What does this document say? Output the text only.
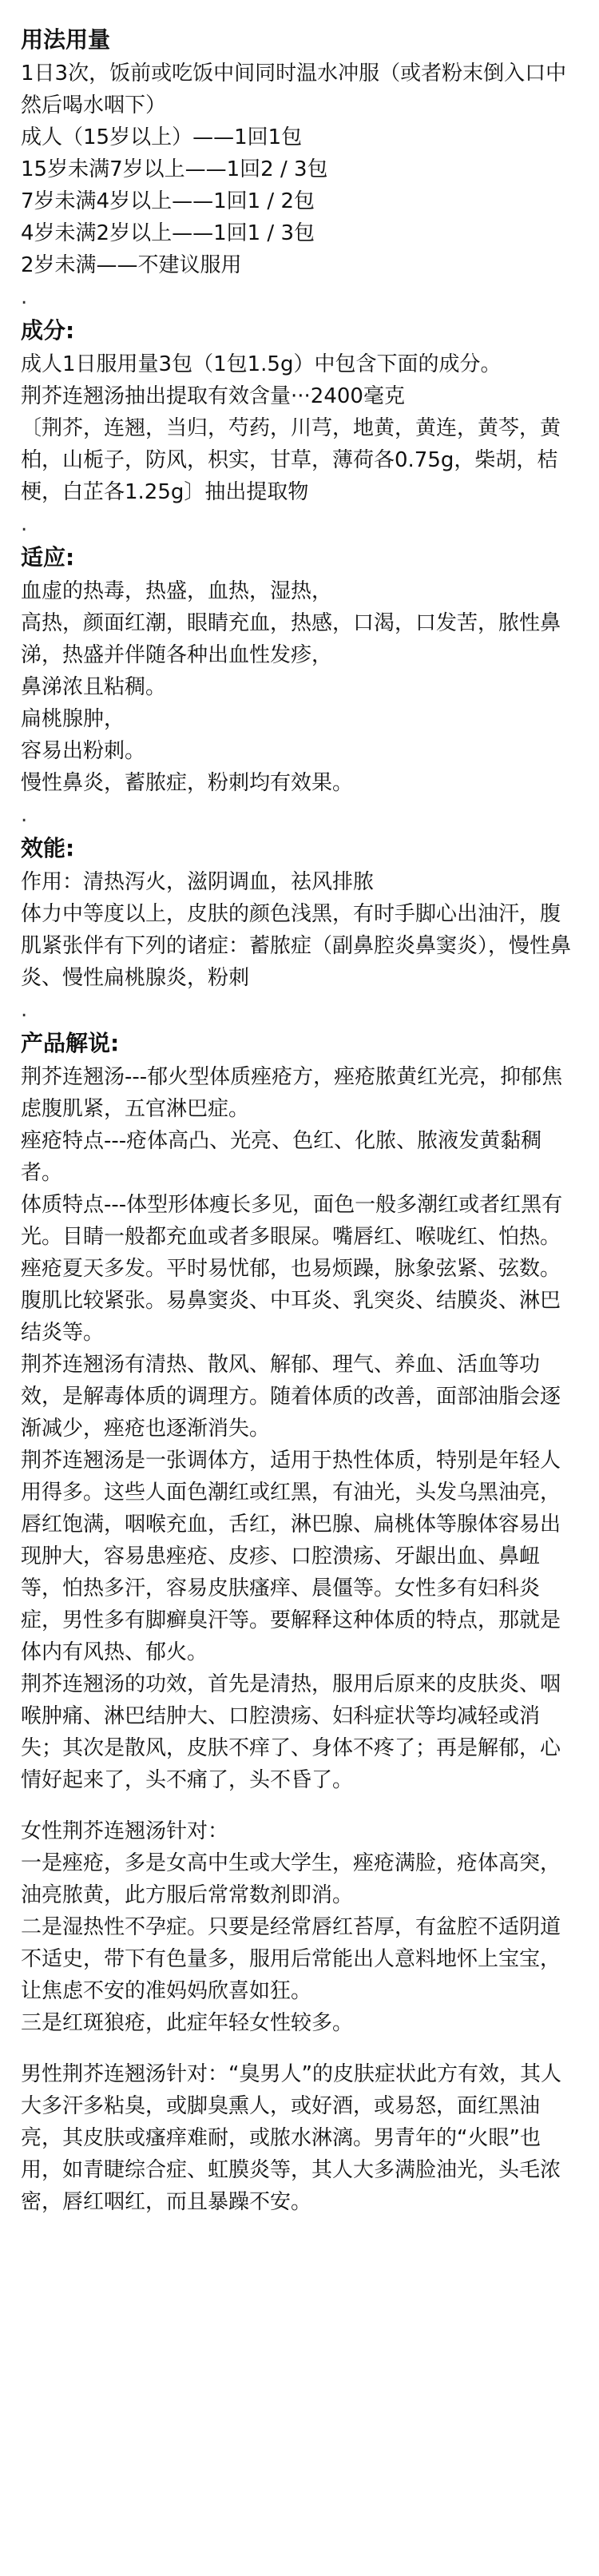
用法用量

1日3次，饭前或吃饭中间同时温水冲服（或者粉末倒入口中然后喝水咽下）

成人（15岁以上）——1回1包

15岁未满7岁以上——1回2 / 3包

7岁未满4岁以上——1回1 / 2包

4岁未满2岁以上——1回1 / 3包

2岁未满——不建议服用

.

成分:

成人1日服用量3包（1包1.5g）中包含下面的成分。

荆芥连翘汤抽出提取有效含量···2400毫克

〔荆芥，连翘，当归，芍药，川芎，地黄，黄连，黄芩，黄柏，山栀子，防风，枳实，甘草，薄荷各0.75g，柴胡，桔梗，白芷各1.25g〕抽出提取物

.

适应:

血虚的热毒，热盛，血热，湿热，

高热，颜面红潮，眼睛充血，热感，口渴，口发苦，脓性鼻涕，热盛并伴随各种出血性发疹，

鼻涕浓且粘稠。

扁桃腺肿，

容易出粉刺。

慢性鼻炎，蓄脓症，粉刺均有效果。

.

效能:

作用：清热泻火，滋阴调血，祛风排脓

体力中等度以上，皮肤的颜色浅黑，有时手脚心出油汗，腹肌紧张伴有下列的诸症：蓄脓症（副鼻腔炎鼻窦炎），慢性鼻炎、慢性扁桃腺炎，粉刺

.

产品解说:

荆芥连翘汤---郁火型体质痤疮方，痤疮脓黄红光亮，抑郁焦虑腹肌紧，五官淋巴症。

痤疮特点---疮体高凸、光亮、色红、化脓、脓液发黄黏稠者。

体质特点---体型形体瘦长多见，面色一般多潮红或者红黑有光。目睛一般都充血或者多眼屎。嘴唇红、喉咙红、怕热。痤疮夏天多发。平时易忧郁，也易烦躁，脉象弦紧、弦数。腹肌比较紧张。易鼻窦炎、中耳炎、乳突炎、结膜炎、淋巴结炎等。

荆芥连翘汤有清热、散风、解郁、理气、养血、活血等功效，是解毒体质的调理方。随着体质的改善，面部油脂会逐渐减少，痤疮也逐渐消失。

荆芥连翘汤是一张调体方，适用于热性体质，特别是年轻人用得多。这些人面色潮红或红黑，有油光，头发乌黑油亮，唇红饱满，咽喉充血，舌红，淋巴腺、扁桃体等腺体容易出现肿大，容易患痤疮、皮疹、口腔溃疡、牙龈出血、鼻衄等，怕热多汗，容易皮肤瘙痒、晨僵等。女性多有妇科炎症，男性多有脚癣臭汗等。要解释这种体质的特点，那就是体内有风热、郁火。

荆芥连翘汤的功效，首先是清热，服用后原来的皮肤炎、咽喉肿痛、淋巴结肿大、口腔溃疡、妇科症状等均减轻或消失；其次是散风，皮肤不痒了、身体不疼了；再是解郁，心情好起来了，头不痛了，头不昏了。

女性荆芥连翘汤针对：

一是痤疮，多是女高中生或大学生，痤疮满脸，疮体高突，油亮脓黄，此方服后常常数剂即消。

二是湿热性不孕症。只要是经常唇红苔厚，有盆腔不适阴道不适史，带下有色量多，服用后常能出人意料地怀上宝宝，让焦虑不安的准妈妈欣喜如狂。

三是红斑狼疮，此症年轻女性较多。

男性荆芥连翘汤针对：“臭男人”的皮肤症状此方有效，其人大多汗多粘臭，或脚臭熏人，或好酒，或易怒，面红黑油亮，其皮肤或瘙痒难耐，或脓水淋漓。男青年的“火眼”也用，如青睫综合症、虹膜炎等，其人大多满脸油光，头毛浓密，唇红咽红，而且暴躁不安。
